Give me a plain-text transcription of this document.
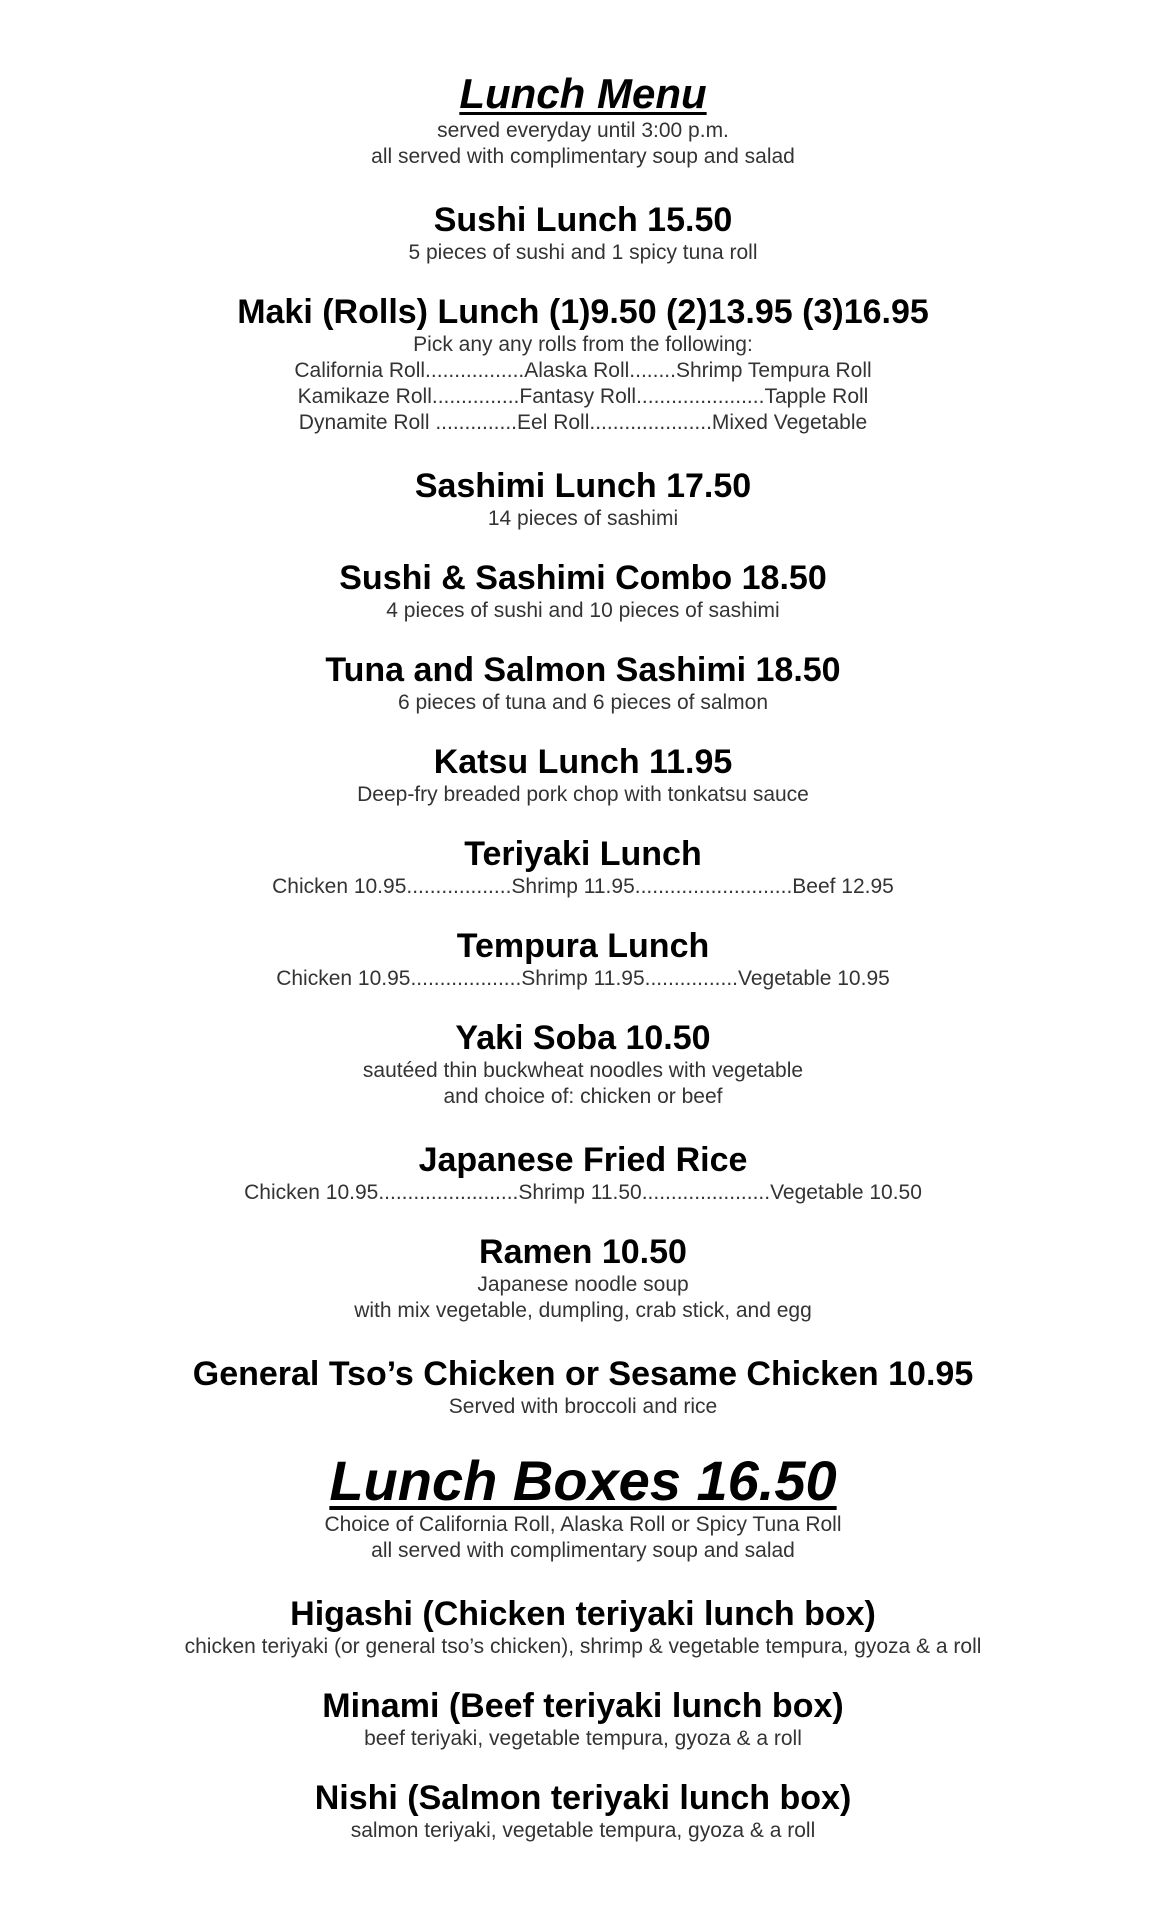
Lunch Menu

served everyday until 3:00 p.m.

all served with complimentary soup and salad

Sushi Lunch 15.50

5 pieces of sushi and 1 spicy tuna roll

Maki (Rolls) Lunch (1)9.50 (2)13.95 (3)16.95

Pick any any rolls from the following:

California Roll.................Alaska Roll........Shrimp Tempura Roll

Kamikaze Roll...............Fantasy Roll......................Tapple Roll

Dynamite Roll ..............Eel Roll.....................Mixed Vegetable

Sashimi Lunch 17.50

14 pieces of sashimi

Sushi & Sashimi Combo 18.50

4 pieces of sushi and 10 pieces of sashimi

Tuna and Salmon Sashimi 18.50

6 pieces of tuna and 6 pieces of salmon

Katsu Lunch 11.95

Deep-fry breaded pork chop with tonkatsu sauce

Teriyaki Lunch

Chicken 10.95..................Shrimp 11.95...........................Beef 12.95

Tempura Lunch

Chicken 10.95...................Shrimp 11.95................Vegetable 10.95

Yaki Soba 10.50

sautéed thin buckwheat noodles with vegetable

and choice of: chicken or beef

Japanese Fried Rice

Chicken 10.95........................Shrimp 11.50......................Vegetable 10.50

Ramen 10.50

Japanese noodle soup

with mix vegetable, dumpling, crab stick, and egg

General Tso’s Chicken or Sesame Chicken 10.95

Served with broccoli and rice

Lunch Boxes 16.50

Choice of California Roll, Alaska Roll or Spicy Tuna Roll

all served with complimentary soup and salad

Higashi (Chicken teriyaki lunch box)

chicken teriyaki (or general tso’s chicken), shrimp & vegetable tempura, gyoza & a roll

Minami (Beef teriyaki lunch box)

beef teriyaki, vegetable tempura, gyoza & a roll

Nishi (Salmon teriyaki lunch box)

salmon teriyaki, vegetable tempura, gyoza & a roll
